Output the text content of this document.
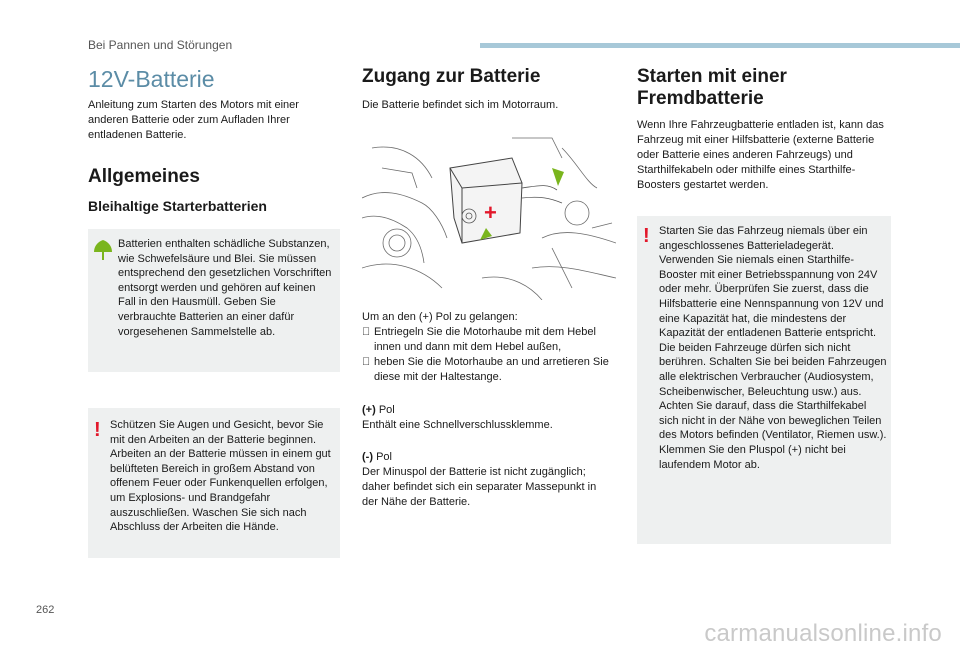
Bei Pannen und Störungen
12V-Batterie

Anleitung zum Starten des Motors mit einer anderen Batterie oder zum Aufladen Ihrer entladenen Batterie.

Allgemeines
Bleihaltige Starterbatterien
Batterien enthalten schädliche Substanzen, wie Schwefelsäure und Blei. Sie müssen entsprechend den gesetzlichen Vorschriften entsorgt werden und gehören auf keinen Fall in den Hausmüll. Geben Sie verbrauchte Batterien an einer dafür vorgesehenen Sammelstelle ab.
! Schützen Sie Augen und Gesicht, bevor Sie mit den Arbeiten an der Batterie beginnen. Arbeiten an der Batterie müssen in einem gut belüfteten Bereich in großem Abstand von offenem Feuer oder Funkenquellen erfolgen, um Explosions- und Brandgefahr auszuschließen. Waschen Sie sich nach Abschluss der Arbeiten die Hände.
Zugang zur Batterie

Die Batterie befindet sich im Motorraum.

+
Um an den (+) Pol zu gelangen:
Entriegeln Sie die Motorhaube mit dem Hebel innen und dann mit dem Hebel außen,
heben Sie die Motorhaube an und arretieren Sie diese mit der Haltestange.
(+) Pol
Enthält eine Schnellverschlussklemme.
(-) Pol
Der Minuspol der Batterie ist nicht zugänglich; daher befindet sich ein separater Massepunkt in der Nähe der Batterie.
Starten mit einer
Fremdbatterie

Wenn Ihre Fahrzeugbatterie entladen ist, kann das Fahrzeug mit einer Hilfsbatterie (externe Batterie oder Batterie eines anderen Fahrzeugs) und Starthilfekabeln oder mithilfe eines Starthilfe-Boosters gestartet werden.

! Starten Sie das Fahrzeug niemals über ein angeschlossenes Batterieladegerät. Verwenden Sie niemals einen Starthilfe-Booster mit einer Betriebsspannung von 24V oder mehr. Überprüfen Sie zuerst, dass die Hilfsbatterie eine Nennspannung von 12V und eine Kapazität hat, die mindestens der Kapazität der entladenen Batterie entspricht. Die beiden Fahrzeuge dürfen sich nicht berühren. Schalten Sie bei beiden Fahrzeugen alle elektrischen Verbraucher (Audiosystem, Scheibenwischer, Beleuchtung usw.) aus. Achten Sie darauf, dass die Starthilfekabel sich nicht in der Nähe von beweglichen Teilen des Motors befinden (Ventilator, Riemen usw.). Klemmen Sie den Pluspol (+) nicht bei laufendem Motor ab.
262
carmanualsonline.info
